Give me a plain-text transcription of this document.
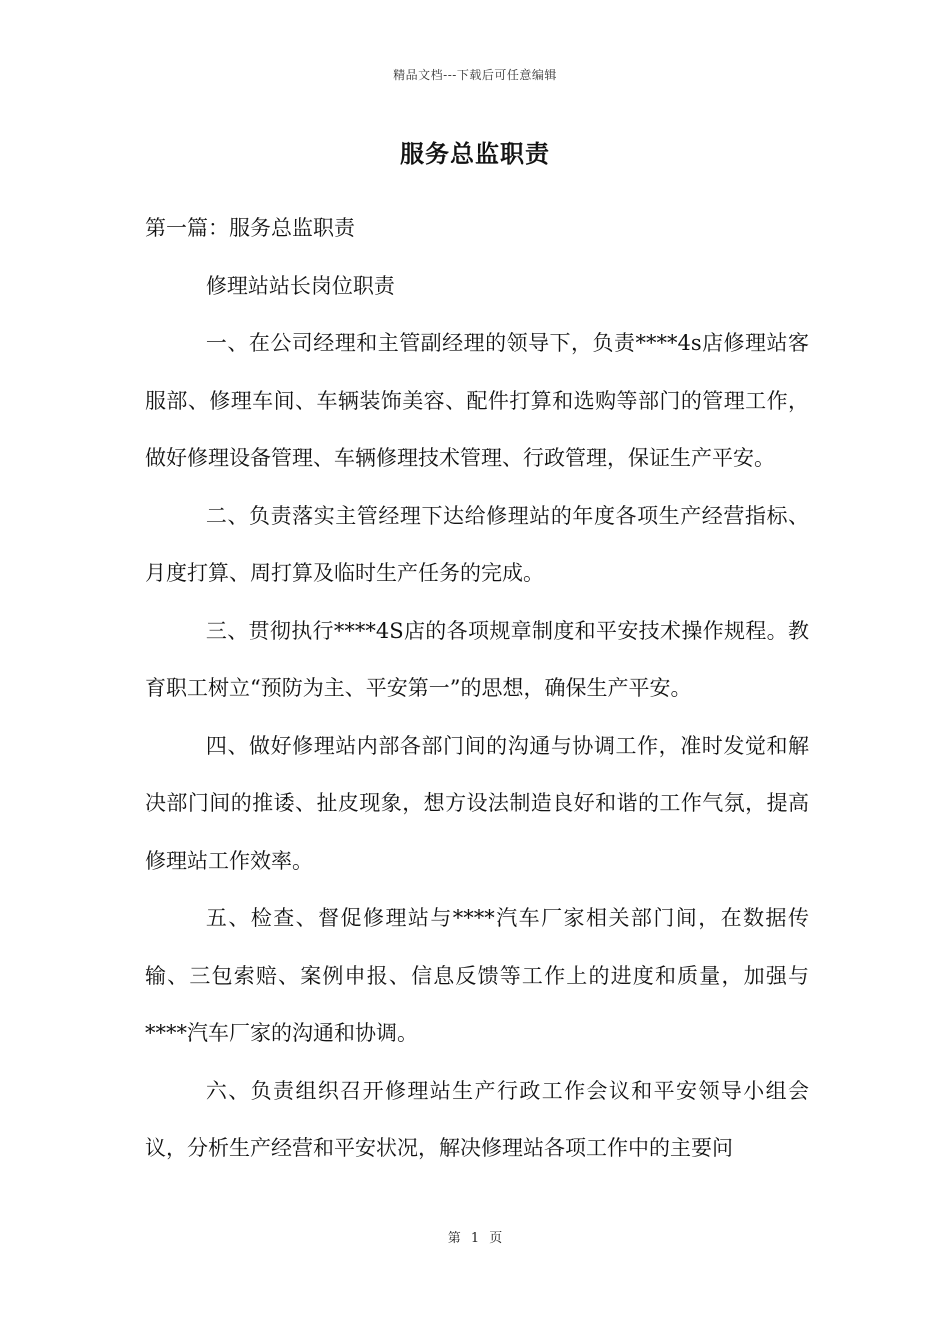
精品文档---下载后可任意编辑
服务总监职责

第一篇：服务总监职责

修理站站长岗位职责

一、在公司经理和主管副经理的领导下，负责****4s店修理站客服部、修理车间、车辆装饰美容、配件打算和选购等部门的管理工作，做好修理设备管理、车辆修理技术管理、行政管理，保证生产平安。

二、负责落实主管经理下达给修理站的年度各项生产经营指标、月度打算、周打算及临时生产任务的完成。

三、贯彻执行****4S店的各项规章制度和平安技术操作规程。教育职工树立“预防为主、平安第一”的思想，确保生产平安。

四、做好修理站内部各部门间的沟通与协调工作，准时发觉和解决部门间的推诿、扯皮现象，想方设法制造良好和谐的工作气氛，提高修理站工作效率。

五、检查、督促修理站与****汽车厂家相关部门间，在数据传输、三包索赔、案例申报、信息反馈等工作上的进度和质量，加强与****汽车厂家的沟通和协调。

六、负责组织召开修理站生产行政工作会议和平安领导小组会议，分析生产经营和平安状况，解决修理站各项工作中的主要问

第 1 页
